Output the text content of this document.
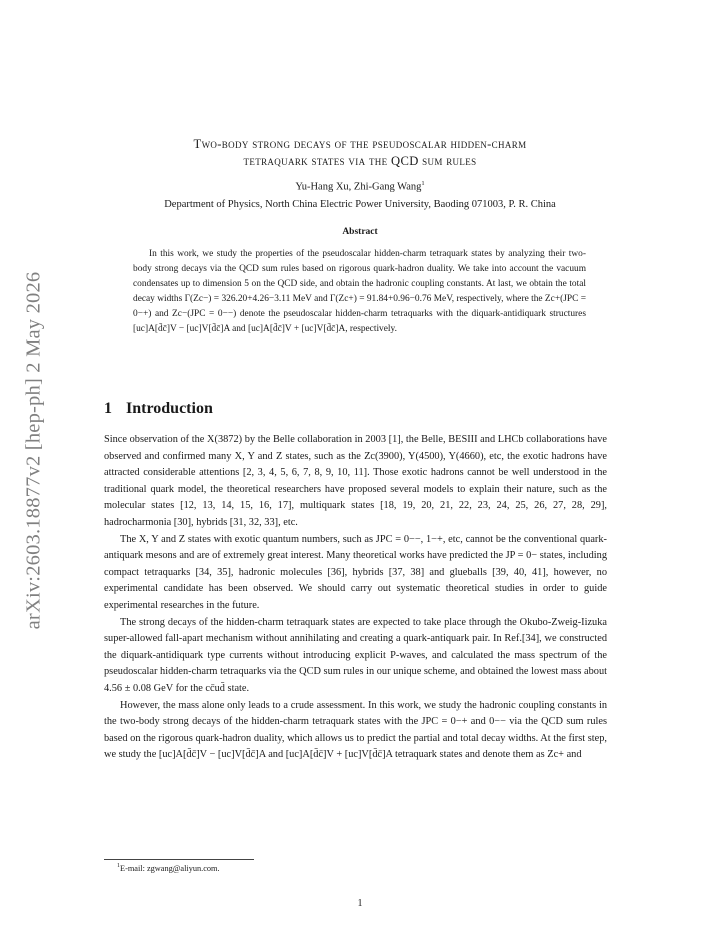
arXiv:2603.18877v2 [hep-ph] 2 May 2026
Two-body strong decays of the pseudoscalar hidden-charm
tetraquark states via the QCD sum rules
Yu-Hang Xu, Zhi-Gang Wang$^1$
Department of Physics, North China Electric Power University, Baoding 071003, P. R. China
Abstract

In this work, we study the properties of the pseudoscalar hidden-charm tetraquark states by analyzing their two-body strong decays via the QCD sum rules based on rigorous quark-hadron duality. We take into account the vacuum condensates up to dimension 5 on the QCD side, and obtain the hadronic coupling constants. At last, we obtain the total decay widths Γ(Zc−) = 326.20+4.26−3.11 MeV and Γ(Zc+) = 91.84+0.96−0.76 MeV, respectively, where the Zc+(JPC = 0−+) and Zc−(JPC = 0−−) denote the pseudoscalar hidden-charm tetraquarks with the diquark-antidiquark structures [uc]A[d̄c̄]V − [uc]V[d̄c̄]A and [uc]A[d̄c̄]V + [uc]V[d̄c̄]A, respectively.

1 Introduction

Since observation of the X(3872) by the Belle collaboration in 2003 [1], the Belle, BESIII and LHCb collaborations have observed and confirmed many X, Y and Z states, such as the Zc(3900), Y(4500), Y(4660), etc, the exotic hadrons have attracted considerable attentions [2, 3, 4, 5, 6, 7, 8, 9, 10, 11]. Those exotic hadrons cannot be well understood in the traditional quark model, the theoretical researchers have proposed several models to explain their nature, such as the molecular states [12, 13, 14, 15, 16, 17], multiquark states [18, 19, 20, 21, 22, 23, 24, 25, 26, 27, 28, 29], hadrocharmonia [30], hybrids [31, 32, 33], etc.

The X, Y and Z states with exotic quantum numbers, such as JPC = 0−−, 1−+, etc, cannot be the conventional quark-antiquark mesons and are of extremely great interest. Many theoretical works have predicted the JP = 0− states, including compact tetraquarks [34, 35], hadronic molecules [36], hybrids [37, 38] and glueballs [39, 40, 41], however, no experimental candidate has been observed. We should carry out systematic theoretical studies in order to guide experimental researches in the future.

The strong decays of the hidden-charm tetraquark states are expected to take place through the Okubo-Zweig-Iizuka super-allowed fall-apart mechanism without annihilating and creating a quark-antiquark pair. In Ref.[34], we constructed the diquark-antidiquark type currents without introducing explicit P-waves, and calculated the mass spectrum of the pseudoscalar hidden-charm tetraquarks via the QCD sum rules in our unique scheme, and obtained the lowest mass about 4.56 ± 0.08 GeV for the cc̄ud̄ state.

However, the mass alone only leads to a crude assessment. In this work, we study the hadronic coupling constants in the two-body strong decays of the hidden-charm tetraquark states with the JPC = 0−+ and 0−− via the QCD sum rules based on the rigorous quark-hadron duality, which allows us to predict the partial and total decay widths. At the first step, we study the [uc]A[d̄c̄]V − [uc]V[d̄c̄]A and [uc]A[d̄c̄]V + [uc]V[d̄c̄]A tetraquark states and denote them as Zc+ and

$^1$E-mail: zgwang@aliyun.com.
1
